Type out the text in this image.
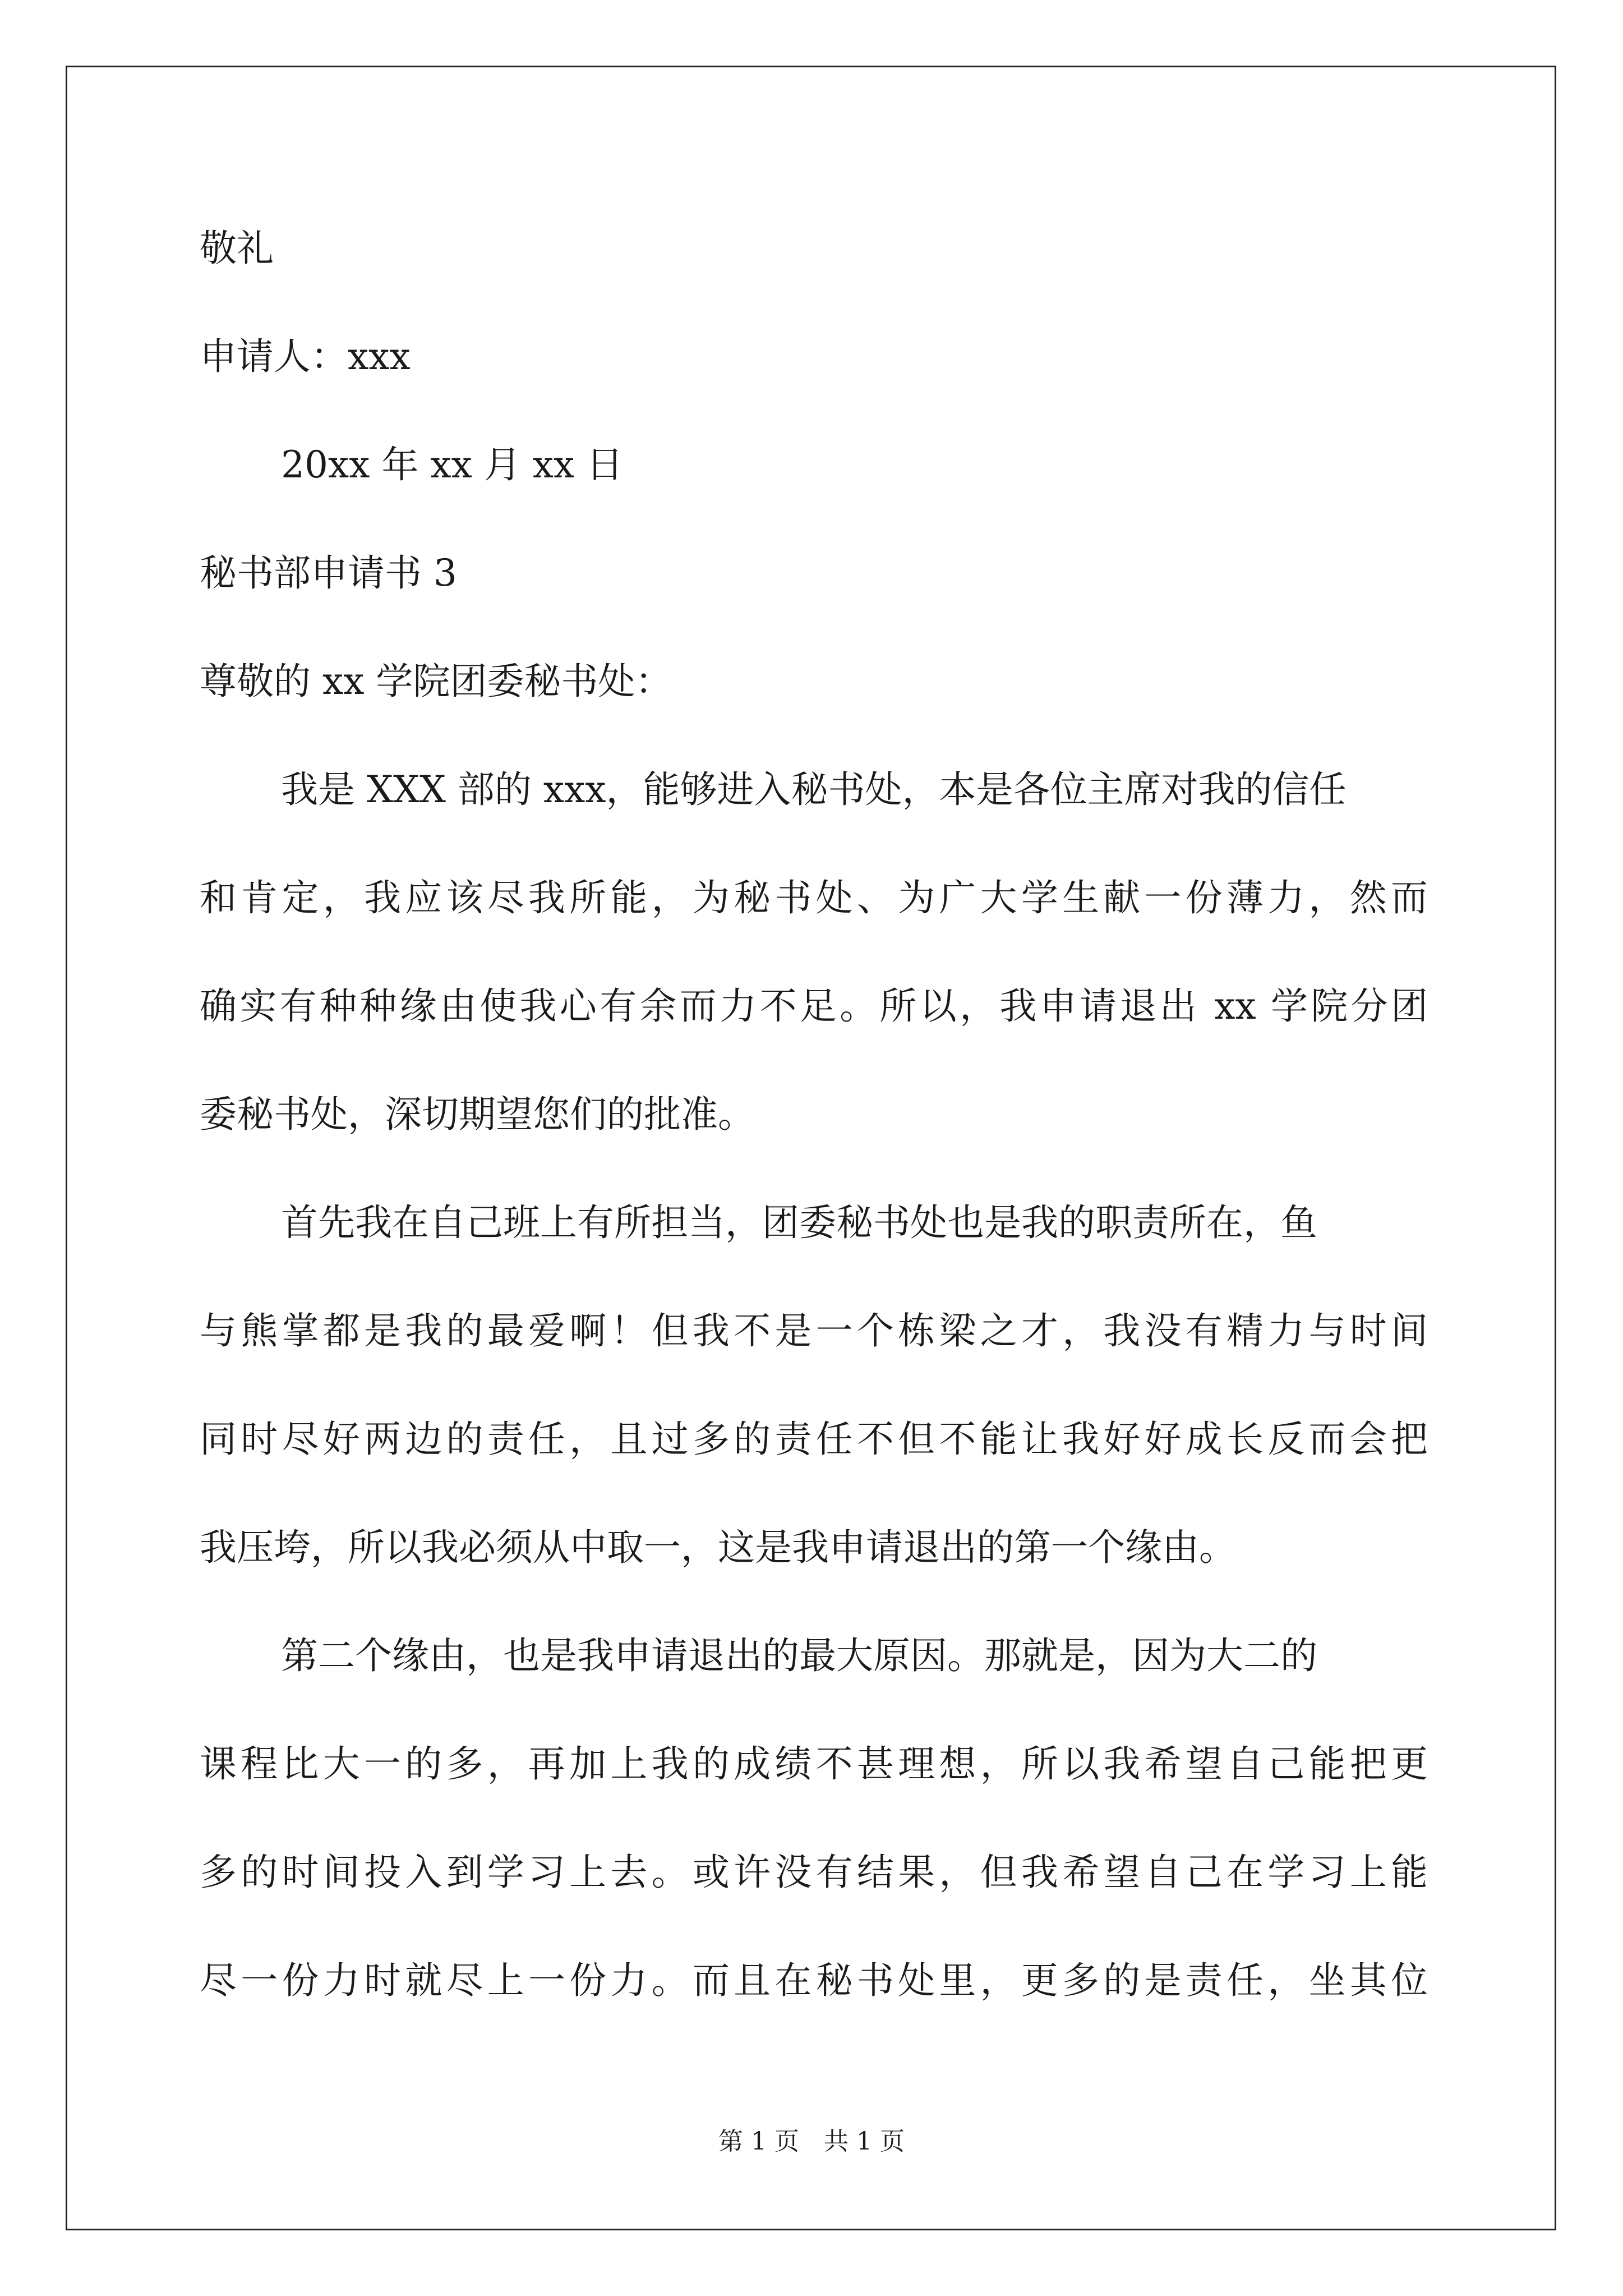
敬礼
申请人：xxx
20xx 年 xx 月 xx 日
秘书部申请书 3
尊敬的 xx 学院团委秘书处：
我是 XXX 部的 xxx，能够进入秘书处，本是各位主席对我的信任
和肯定，我应该尽我所能，为秘书处、为广大学生献一份薄力，然而
确实有种种缘由使我心有余而力不足。所以，我申请退出 xx 学院分团
委秘书处，深切期望您们的批准。
首先我在自己班上有所担当，团委秘书处也是我的职责所在，鱼
与熊掌都是我的最爱啊！但我不是一个栋梁之才，我没有精力与时间
同时尽好两边的责任，且过多的责任不但不能让我好好成长反而会把
我压垮，所以我必须从中取一，这是我申请退出的第一个缘由。
第二个缘由，也是我申请退出的最大原因。那就是，因为大二的
课程比大一的多，再加上我的成绩不甚理想，所以我希望自己能把更
多的时间投入到学习上去。或许没有结果，但我希望自己在学习上能
尽一份力时就尽上一份力。而且在秘书处里，更多的是责任，坐其位
第 1 页　共 1 页
